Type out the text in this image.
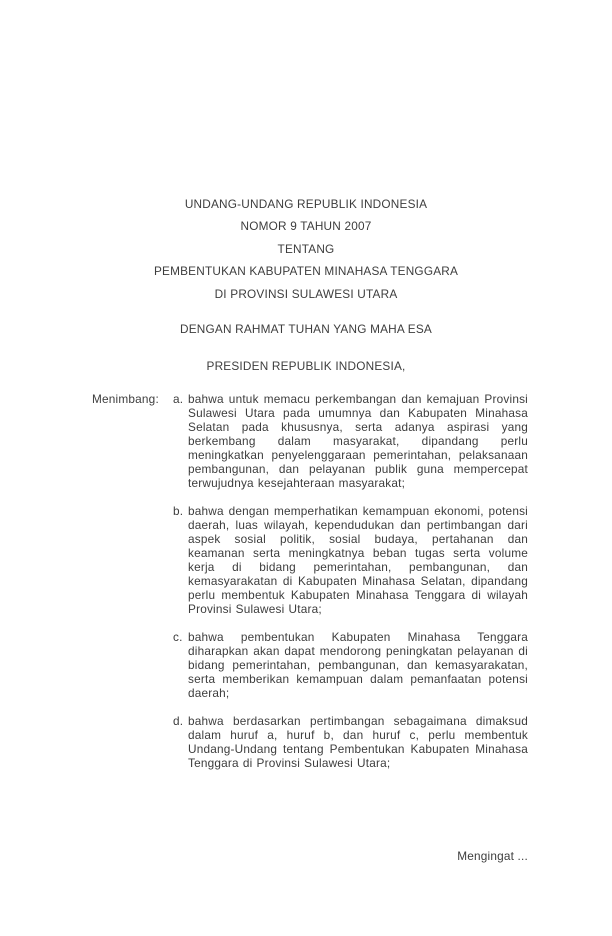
UNDANG-UNDANG REPUBLIK INDONESIA
NOMOR 9 TAHUN 2007
TENTANG
PEMBENTUKAN KABUPATEN MINAHASA TENGGARA
DI PROVINSI SULAWESI UTARA
DENGAN RAHMAT TUHAN YANG MAHA ESA
PRESIDEN REPUBLIK INDONESIA,
Menimbang:	a. bahwa untuk memacu perkembangan dan kemajuan Provinsi Sulawesi Utara pada umumnya dan Kabupaten Minahasa Selatan pada khususnya, serta adanya aspirasi yang berkembang dalam masyarakat, dipandang perlu meningkatkan penyelenggaraan pemerintahan, pelaksanaan pembangunan, dan pelayanan publik guna mempercepat terwujudnya kesejahteraan masyarakat;
b. bahwa dengan memperhatikan kemampuan ekonomi, potensi daerah, luas wilayah, kependudukan dan pertimbangan dari aspek sosial politik, sosial budaya, pertahanan dan keamanan serta meningkatnya beban tugas serta volume kerja di bidang pemerintahan, pembangunan, dan kemasyarakatan di Kabupaten Minahasa Selatan, dipandang perlu membentuk Kabupaten Minahasa Tenggara di wilayah Provinsi Sulawesi Utara;
c. bahwa pembentukan Kabupaten Minahasa Tenggara diharapkan akan dapat mendorong peningkatan pelayanan di bidang pemerintahan, pembangunan, dan kemasyarakatan, serta memberikan kemampuan dalam pemanfaatan potensi daerah;
d. bahwa berdasarkan pertimbangan sebagaimana dimaksud dalam huruf a, huruf b, dan huruf c, perlu membentuk Undang-Undang tentang Pembentukan Kabupaten Minahasa Tenggara di Provinsi Sulawesi Utara;
Mengingat ...
